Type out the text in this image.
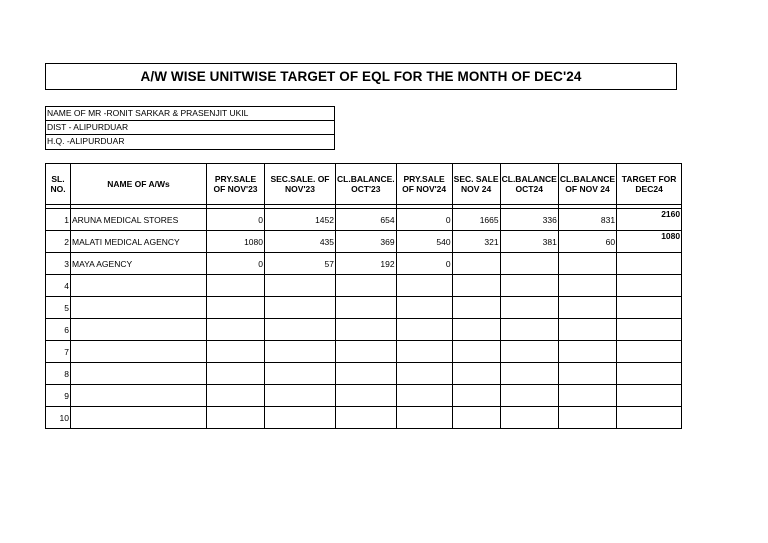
A/W WISE UNITWISE TARGET OF EQL FOR THE MONTH OF DEC'24
NAME OF MR -RONIT SARKAR & PRASENJIT UKIL
DIST - ALIPURDUAR
H.Q. -ALIPURDUAR
SL. NO.	NAME OF A/Ws	PRY.SALE OF NOV'23	SEC.SALE. OF NOV'23	CL.BALANCE. OCT'23	PRY.SALE OF NOV'24	SEC. SALE NOV 24	CL.BALANCE OCT24	CL.BALANCE OF NOV 24	TARGET FOR DEC24

1	ARUNA MEDICAL STORES	0	1452	654	0	1665	336	831	2160
2	MALATI MEDICAL AGENCY	1080	435	369	540	321	381	60	1080
3	MAYA AGENCY	0	57	192	0				
4									
5									
6									
7									
8									
9									
10									
